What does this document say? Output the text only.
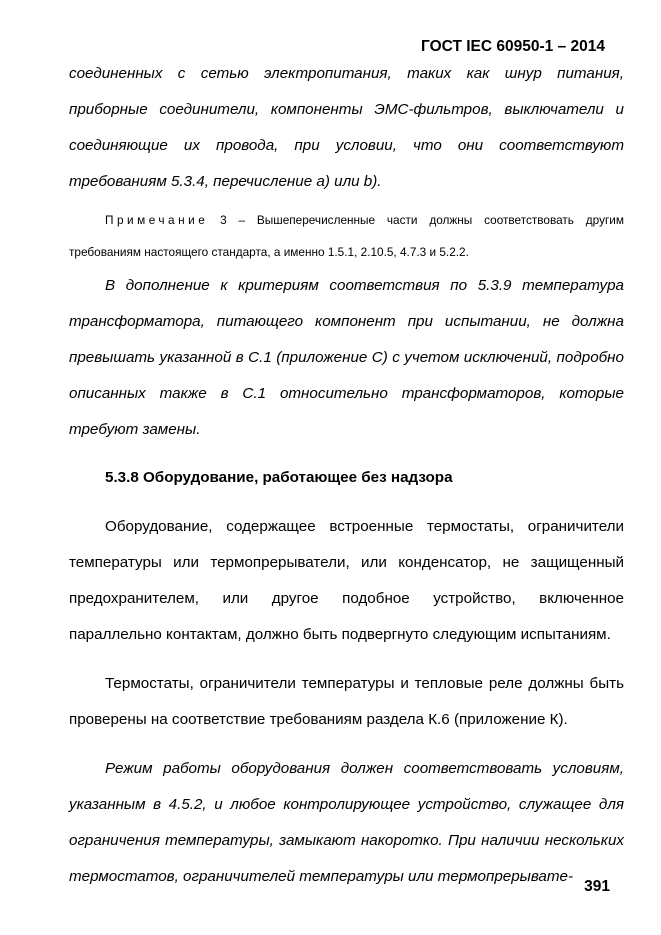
ГОСТ IEC 60950-1 – 2014

соединенных с сетью электропитания, таких как шнур питания, приборные соединители, компоненты ЭМС-фильтров, выключатели и соединяющие их провода, при условии, что они соответствуют требованиям 5.3.4, перечисление а) или b).

Примечание 3 – Вышеперечисленные части должны соответствовать другим требованиям настоящего стандарта, а именно 1.5.1, 2.10.5, 4.7.3 и 5.2.2.

В дополнение к критериям соответствия по 5.3.9 температура трансформатора, питающего компонент при испытании, не должна превышать указанной в С.1 (приложение С) с учетом исключений, подробно описанных также в С.1 относительно трансформаторов, которые требуют замены.

5.3.8 Оборудование, работающее без надзора

Оборудование, содержащее встроенные термостаты, ограничители температуры или термопрерыватели, или конденсатор, не защищенный предохранителем, или другое подобное устройство, включенное параллельно контактам, должно быть подвергнуто следующим испытаниям.

Термостаты, ограничители температуры и тепловые реле должны быть проверены на соответствие требованиям раздела К.6 (приложение К).

Режим работы оборудования должен соответствовать условиям, указанным в 4.5.2, и любое контролирующее устройство, служащее для ограничения температуры, замыкают накоротко. При наличии нескольких термостатов, ограничителей температуры или термопрерывате-

391
